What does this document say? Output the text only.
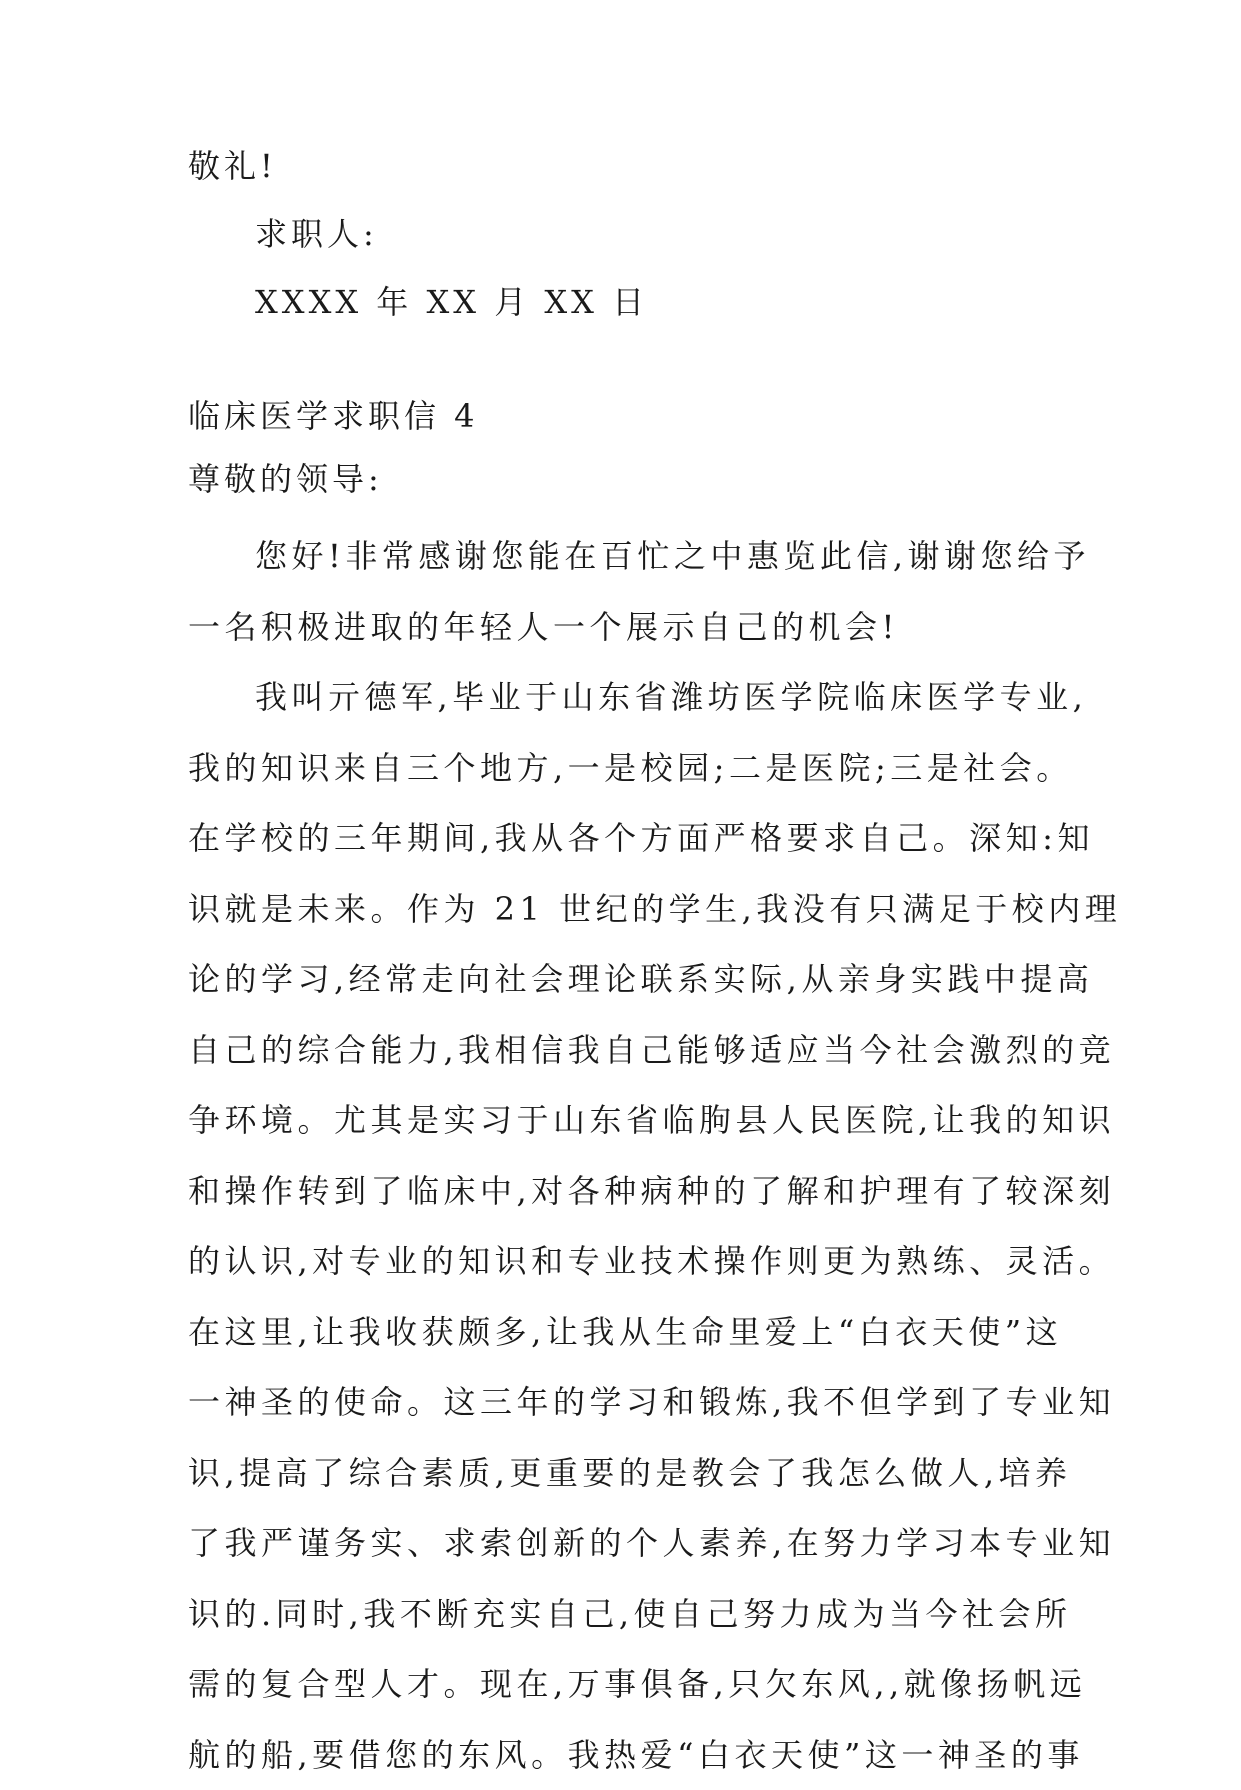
敬礼!
求职人:
XXXX 年 XX 月 XX 日
临床医学求职信 4
尊敬的领导:
您好!非常感谢您能在百忙之中惠览此信,谢谢您给予
一名积极进取的年轻人一个展示自己的机会!
我叫亓德军,毕业于山东省潍坊医学院临床医学专业,
我的知识来自三个地方,一是校园;二是医院;三是社会。
在学校的三年期间,我从各个方面严格要求自己。深知:知
识就是未来。作为 21 世纪的学生,我没有只满足于校内理
论的学习,经常走向社会理论联系实际,从亲身实践中提高
自己的综合能力,我相信我自己能够适应当今社会激烈的竞
争环境。尤其是实习于山东省临朐县人民医院,让我的知识
和操作转到了临床中,对各种病种的了解和护理有了较深刻
的认识,对专业的知识和专业技术操作则更为熟练、灵活。
在这里,让我收获颇多,让我从生命里爱上“白衣天使”这
一神圣的使命。这三年的学习和锻炼,我不但学到了专业知
识,提高了综合素质,更重要的是教会了我怎么做人,培养
了我严谨务实、求索创新的个人素养,在努力学习本专业知
识的.同时,我不断充实自己,使自己努力成为当今社会所
需的复合型人才。现在,万事俱备,只欠东风,,就像扬帆远
航的船,要借您的东风。我热爱“白衣天使”这一神圣的事
